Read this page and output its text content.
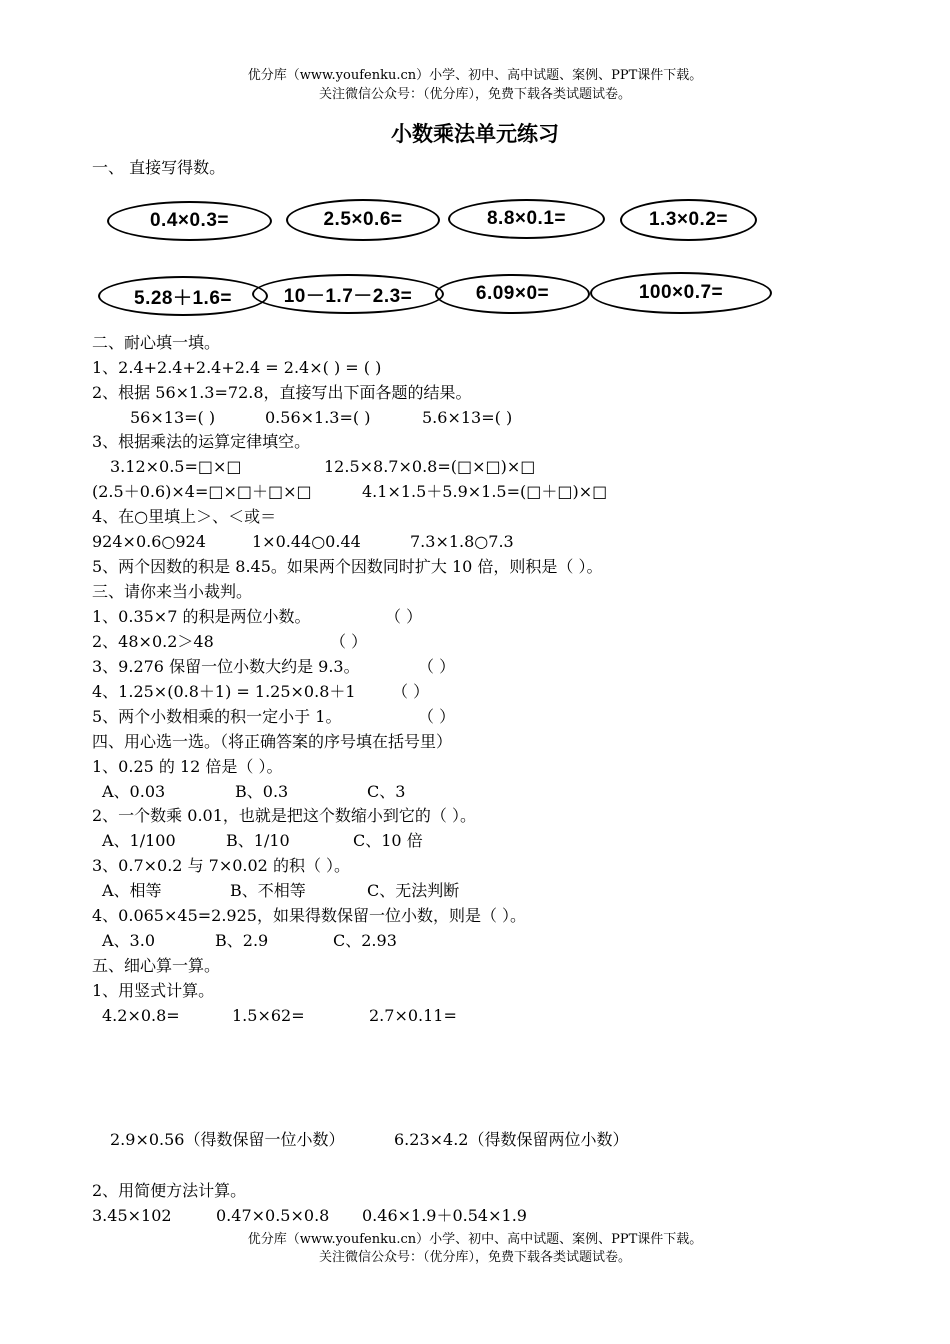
优分库（www.youfenku.cn）小学、初中、高中试题、案例、PPT课件下载。
关注微信公众号：（优分库），免费下载各类试题试卷。
小数乘法单元练习
一、 直接写得数。
0.4×0.3=	2.5×0.6=	8.8×0.1=	1.3×0.2=
5.28＋1.6=	10－1.7－2.3=	6.09×0=	100×0.7=
二、耐心填一填。
1、2.4+2.4+2.4+2.4 = 2.4×( ) = ( )
2、根据 56×1.3=72.8，直接写出下面各题的结果。
56×13=( )	0.56×1.3=( )	5.6×13=( )
3、根据乘法的运算定律填空。
3.12×0.5=□×□	12.5×8.7×0.8=(□×□)×□
(2.5＋0.6)×4=□×□＋□×□	4.1×1.5＋5.9×1.5=(□＋□)×□
4、在○里填上＞、＜或＝
924×0.6○924	1×0.44○0.44	7.3×1.8○7.3
5、两个因数的积是 8.45。如果两个因数同时扩大 10 倍，则积是（ ）。
三、请你来当小裁判。
1、0.35×7 的积是两位小数。	（ ）
2、48×0.2＞48	（ ）
3、9.276 保留一位小数大约是 9.3。	（ ）
4、1.25×(0.8＋1) = 1.25×0.8＋1 （ ）
5、两个小数相乘的积一定小于 1。	（ ）
四、用心选一选。（将正确答案的序号填在括号里）
1、0.25 的 12 倍是（ ）。
A、0.03	B、0.3	C、3
2、一个数乘 0.01，也就是把这个数缩小到它的（ ）。
A、1/100	B、1/10	C、10 倍
3、0.7×0.2 与 7×0.02 的积（ ）。
A、相等	B、不相等	C、无法判断
4、0.065×45=2.925，如果得数保留一位小数，则是（ ）。
A、3.0	B、2.9	C、2.93
五、细心算一算。
1、用竖式计算。
4.2×0.8=	1.5×62=	2.7×0.11=
2.9×0.56（得数保留一位小数）	6.23×4.2（得数保留两位小数）
2、用简便方法计算。
3.45×102	0.47×0.5×0.8 0.46×1.9＋0.54×1.9
优分库（www.youfenku.cn）小学、初中、高中试题、案例、PPT课件下载。
关注微信公众号：（优分库），免费下载各类试题试卷。
